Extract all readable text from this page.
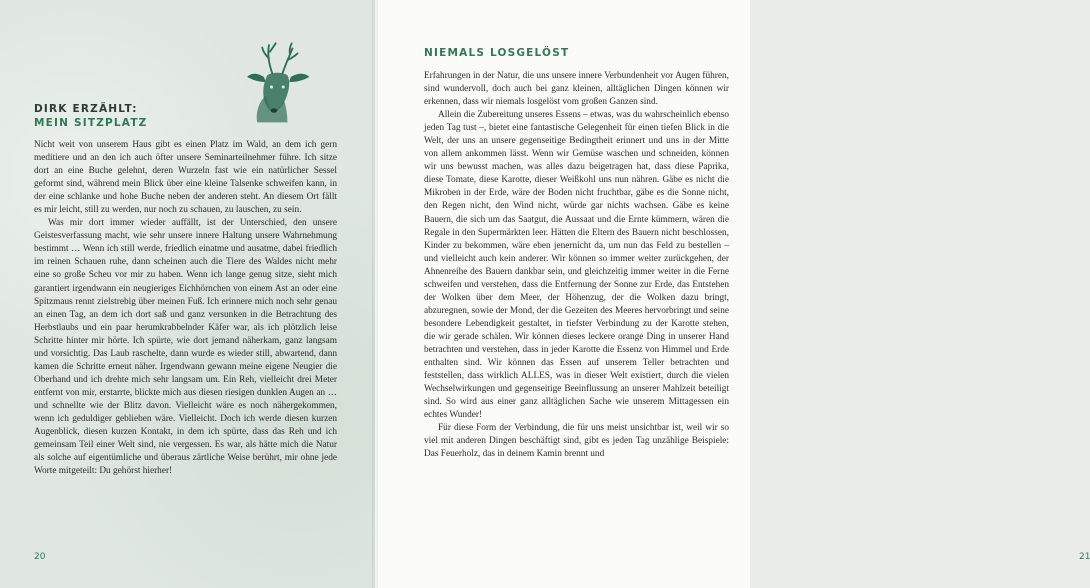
DIRK ERZÄHLT:
MEIN SITZPLATZ

Nicht weit von unserem Haus gibt es einen Platz im Wald, an dem ich gern meditiere und an den ich auch öfter unsere Seminarteilnehmer führe. Ich sitze dort an eine Buche gelehnt, deren Wurzeln fast wie ein natürlicher Sessel geformt sind, während mein Blick über eine kleine Talsenke schweifen kann, in der eine schlanke und hohe Buche neben der anderen steht. An diesem Ort fällt es mir leicht, still zu werden, nur noch zu schauen, zu lauschen, zu sein.

Was mir dort immer wieder auffällt, ist der Unterschied, den unsere Geistesverfassung macht, wie sehr unsere innere Haltung unsere Wahrnehmung bestimmt … Wenn ich still werde, friedlich einatme und ausatme, dabei friedlich im reinen Schauen ruhe, dann scheinen auch die Tiere des Waldes nicht mehr eine so große Scheu vor mir zu haben. Wenn ich lange genug sitze, sieht mich garantiert irgendwann ein neugieriges Eichhörnchen von einem Ast an oder eine Spitzmaus rennt zielstrebig über meinen Fuß. Ich erinnere mich noch sehr genau an einen Tag, an dem ich dort saß und ganz versunken in die Betrachtung des Herbstlaubs und ein paar herumkrabbelnder Käfer war, als ich plötzlich leise Schritte hinter mir hörte. Ich spürte, wie dort jemand näherkam, ganz langsam und vorsichtig. Das Laub raschelte, dann wurde es wieder still, abwartend, dann kamen die Schritte erneut näher. Irgendwann gewann meine eigene Neugier die Oberhand und ich drehte mich sehr langsam um. Ein Reh, vielleicht drei Meter entfernt von mir, erstarrte, blickte mich aus diesen riesigen dunklen Augen an … und schnellte wie der Blitz davon. Vielleicht wäre es noch nähergekommen, wenn ich geduldiger geblieben wäre. Vielleicht. Doch ich werde diesen kurzen Augenblick, diesen kurzen Kontakt, in dem ich spürte, dass das Reh und ich gemeinsam Teil einer Welt sind, nie vergessen. Es war, als hätte mich die Natur als solche auf eigentümliche und überaus zärtliche Weise berührt, mir ohne jede Worte mitgeteilt: Du gehörst hierher!

20	21
NIEMALS LOSGELÖST

Erfahrungen in der Natur, die uns unsere innere Verbundenheit vor Augen führen, sind wundervoll, doch auch bei ganz kleinen, alltäglichen Dingen können wir erkennen, dass wir niemals losgelöst vom großen Ganzen sind.

Allein die Zubereitung unseres Essens – etwas, was du wahrscheinlich ebenso jeden Tag tust –, bietet eine fantastische Gelegenheit für einen tiefen Blick in die Welt, der uns an unsere gegenseitige Bedingtheit erinnert und uns in der Mitte von allem ankommen lässt. Wenn wir Gemüse waschen und schneiden, können wir uns bewusst machen, was alles dazu beigetragen hat, dass diese Paprika, diese Tomate, diese Karotte, dieser Weißkohl uns nun nähren. Gäbe es nicht die Mikroben in der Erde, wäre der Boden nicht fruchtbar, gäbe es die Sonne nicht, den Regen nicht, den Wind nicht, würde gar nichts wachsen. Gäbe es keine Bauern, die sich um das Saatgut, die Aussaat und die Ernte kümmern, wären die Regale in den Supermärkten leer. Hätten die Eltern des Bauern nicht beschlossen, Kinder zu bekommen, wäre eben jenernicht da, um nun das Feld zu bestellen – und vielleicht auch kein anderer. Wir können so immer weiter zurückgehen, der Ahnenreihe des Bauern dankbar sein, und gleichzeitig immer weiter in die Ferne schweifen und verstehen, dass die Entfernung der Sonne zur Erde, das Entstehen der Wolken über dem Meer, der Höhenzug, der die Wolken dazu bringt, abzuregnen, sowie der Mond, der die Gezeiten des Meeres hervorbringt und seine besondere Lebendigkeit gestaltet, in tiefster Verbindung zu der Karotte stehen, die wir gerade schälen. Wir können dieses leckere orange Ding in unserer Hand betrachten und verstehen, dass in jeder Karotte die Essenz von Himmel und Erde enthalten sind. Wir können das Essen auf unserem Teller betrachten und feststellen, dass wirklich ALLES, was in dieser Welt existiert, durch die vielen Wechselwirkungen und gegenseitige Beeinflussung an unserer Mahlzeit beteiligt sind. So wird aus einer ganz alltäglichen Sache wie unserem Mittagessen ein echtes Wunder!

Für diese Form der Verbindung, die für uns meist unsichtbar ist, weil wir so viel mit anderen Dingen beschäftigt sind, gibt es jeden Tag unzählige Beispiele: Das Feuerholz, das in deinem Kamin brennt und
